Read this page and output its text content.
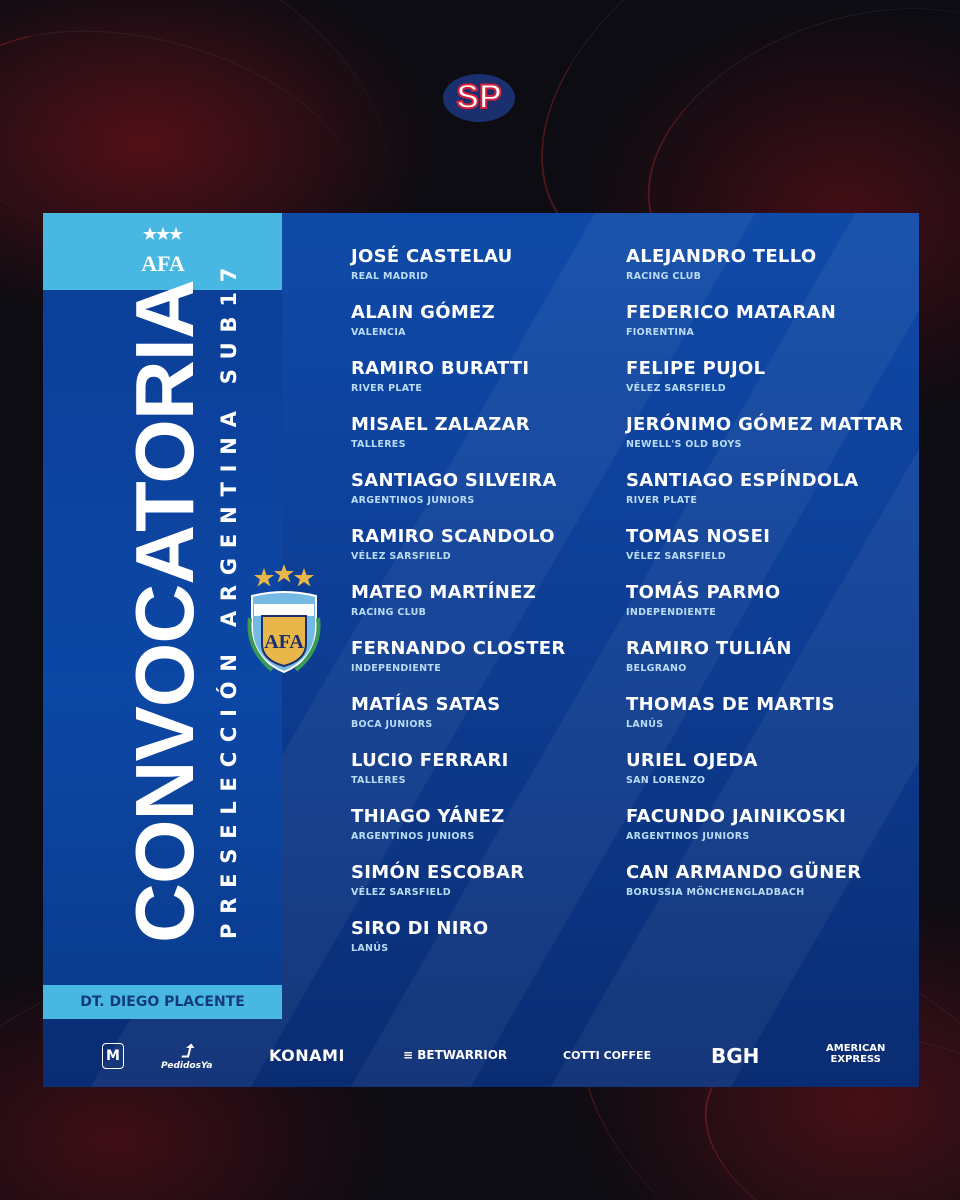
SP
AFA
CONVOCATORIA PRESELECCIÓN ARGENTINA SUB17
DT. DIEGO PLACENTE
AFA
JOSÉ CASTELAU
REAL MADRID
ALAIN GÓMEZ
VALENCIA
RAMIRO BURATTI
RIVER PLATE
MISAEL ZALAZAR
TALLERES
SANTIAGO SILVEIRA
ARGENTINOS JUNIORS
RAMIRO SCANDOLO
VÉLEZ SARSFIELD
MATEO MARTÍNEZ
RACING CLUB
FERNANDO CLOSTER
INDEPENDIENTE
MATÍAS SATAS
BOCA JUNIORS
LUCIO FERRARI
TALLERES
THIAGO YÁNEZ
ARGENTINOS JUNIORS
SIMÓN ESCOBAR
VÉLEZ SARSFIELD
SIRO DI NIRO
LANÚS
ALEJANDRO TELLO
RACING CLUB
FEDERICO MATARAN
FIORENTINA
FELIPE PUJOL
VÉLEZ SARSFIELD
JERÓNIMO GÓMEZ MATTAR
NEWELL'S OLD BOYS
SANTIAGO ESPÍNDOLA
RIVER PLATE
TOMAS NOSEI
VÉLEZ SARSFIELD
TOMÁS PARMO
INDEPENDIENTE
RAMIRO TULIÁN
BELGRANO
THOMAS DE MARTIS
LANÚS
URIEL OJEDA
SAN LORENZO
FACUNDO JAINIKOSKI
ARGENTINOS JUNIORS
CAN ARMANDO GÜNER
BORUSSIA MÖNCHENGLADBACH
M	⮥
PedidosYa
KONAMI	≡ BETWARRIOR	COTTI COFFEE	BGH	AMERICAN
EXPRESS
